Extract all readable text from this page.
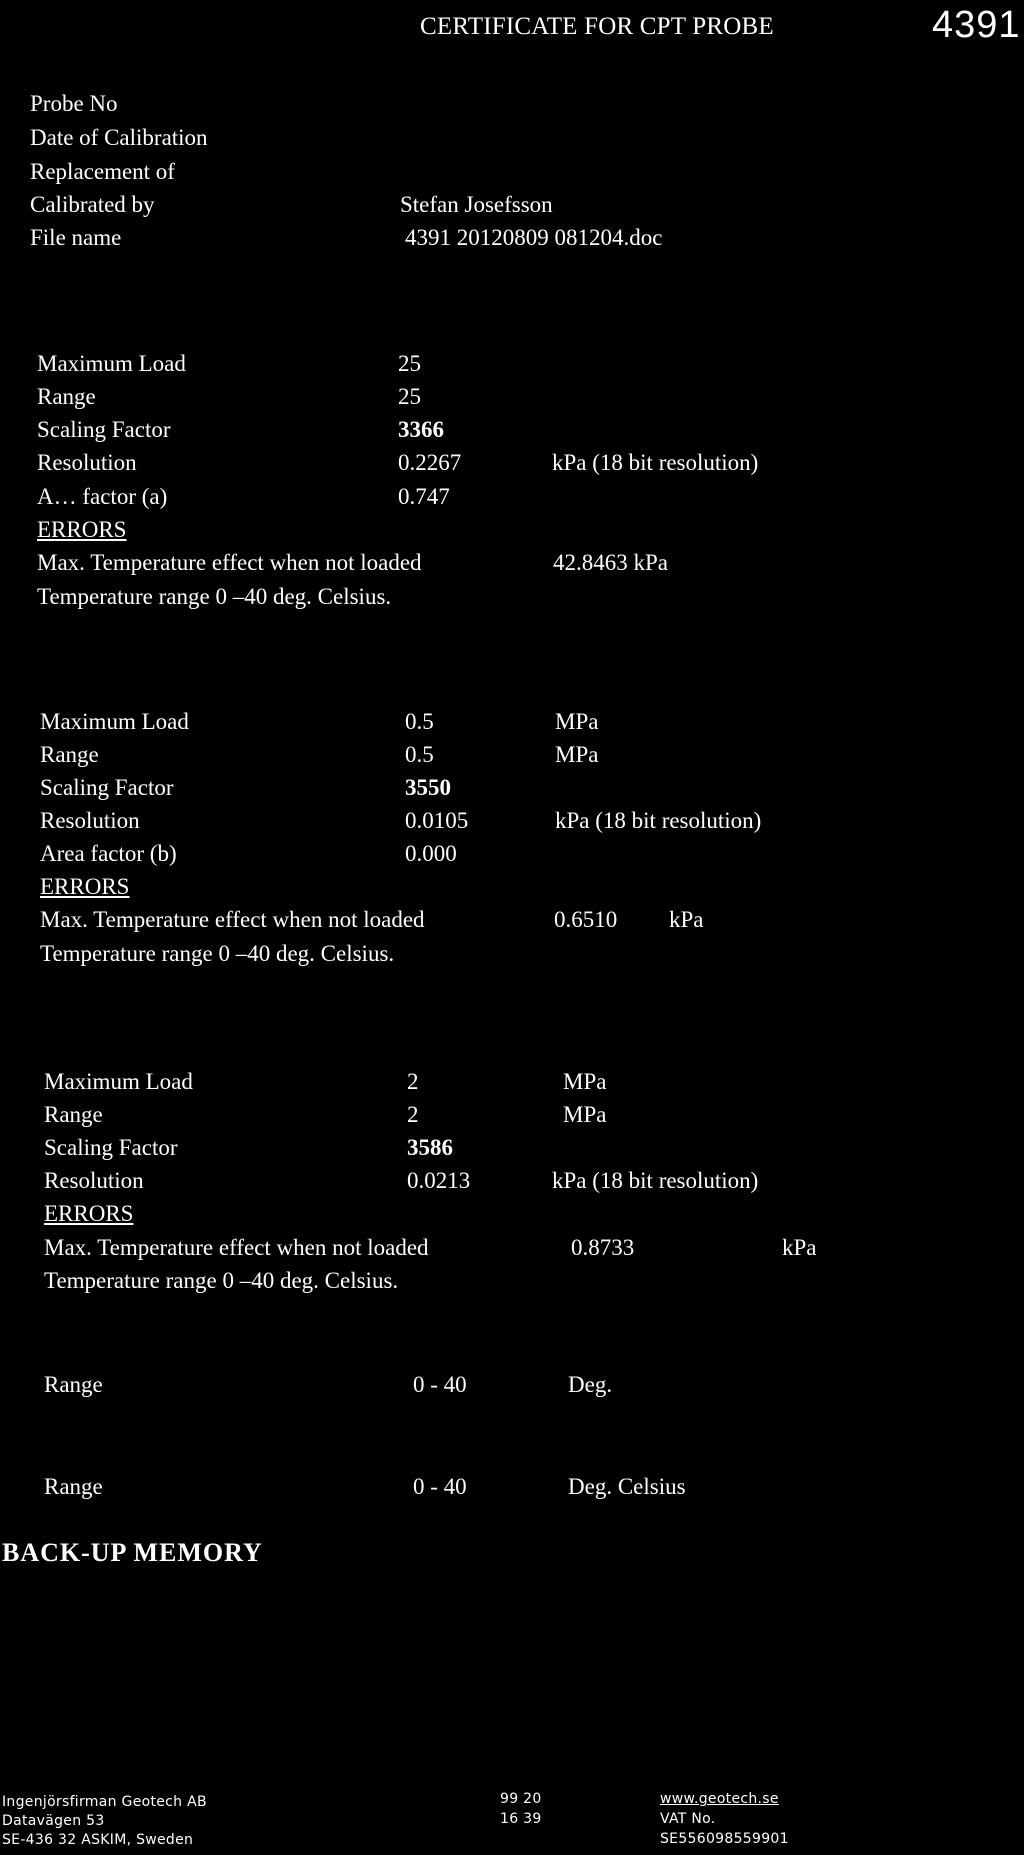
CERTIFICATE FOR CPT PROBE	4391
Probe No
Date of Calibration
Replacement of
Calibrated by	Stefan Josefsson
File name	4391 20120809 081204.doc
Maximum Load	25
Range	25
Scaling Factor	3366
Resolution	0.2267	kPa (18 bit resolution)
A… factor (a)	0.747
ERRORS
Max. Temperature effect when not loaded	42.8463 kPa
Temperature range 0 –40 deg. Celsius.
Maximum Load	0.5	MPa
Range	0.5	MPa
Scaling Factor	3550
Resolution	0.0105	kPa (18 bit resolution)
Area factor (b)	0.000
ERRORS
Max. Temperature effect when not loaded	0.6510 kPa
Temperature range 0 –40 deg. Celsius.
Maximum Load	2	MPa
Range	2	MPa
Scaling Factor	3586
Resolution	0.0213	kPa (18 bit resolution)
ERRORS
Max. Temperature effect when not loaded	0.8733	kPa
Temperature range 0 –40 deg. Celsius.
Range	0 - 40	Deg.
Range	0 - 40	Deg. Celsius
BACK-UP MEMORY
Ingenjörsfirman Geotech AB
Datavägen 53
SE-436 32 ASKIM, Sweden
99 20
16 39
www.geotech.se
VAT No.
SE556098559901
